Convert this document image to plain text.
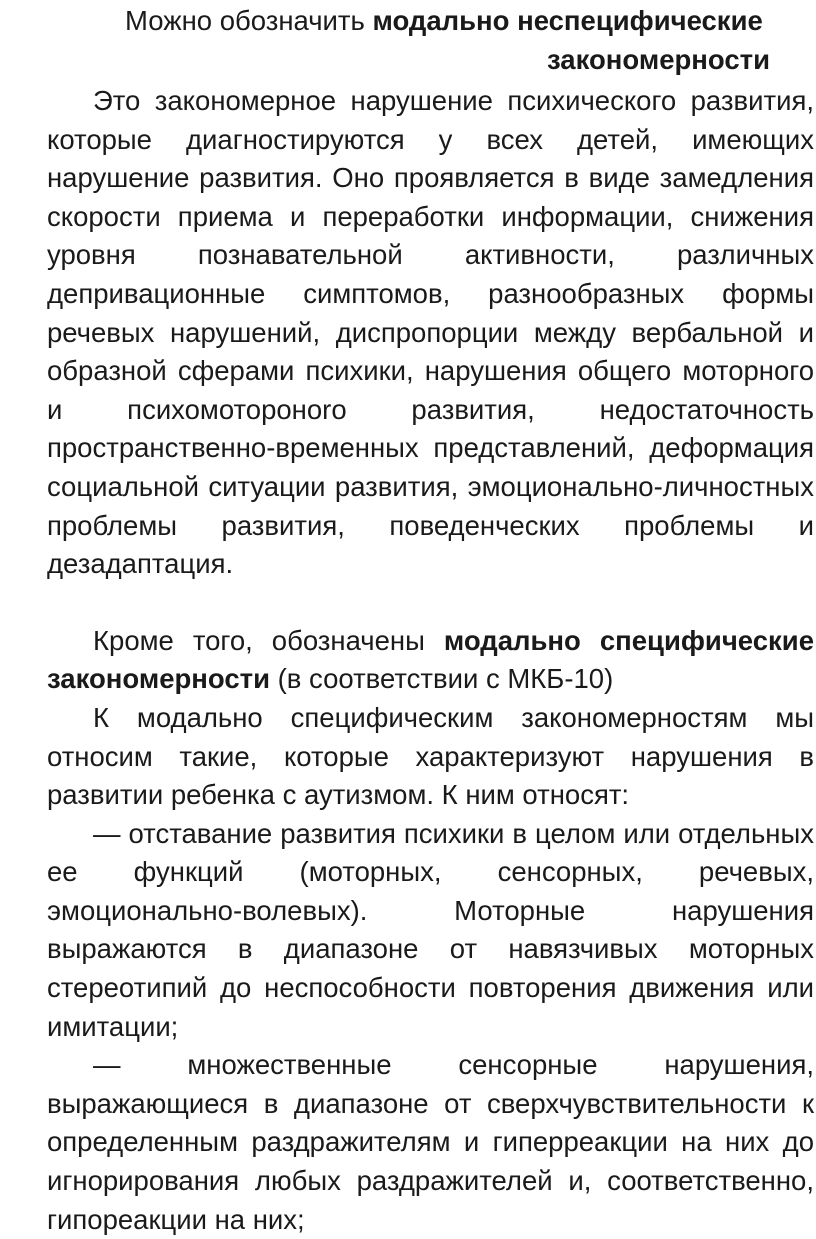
Можно обозначить модально неспецифические
закономерности

Это закономерное нарушение психического развития, которые диагностируются у всех детей, имеющих нарушение развития. Оно проявляется в виде замедления скорости приема и переработки информации, снижения уровня познавательной активности, различных депривационные симптомов, разнообразных формы речевых нарушений, диспропорции между вербальной и образной сферами психики, нарушения общего моторного и психомотороноrо развития, недостаточность пространственно-временных представлений, деформация социальной ситуации развития, эмоционально-личностных проблемы развития, поведенческих проблемы и дезадаптация.

Кроме того, обозначены модально специфические закономерности (в соответствии с МКБ-10)

К модально специфическим закономерностям мы относим такие, которые характеризуют нарушения в развитии ребенка с аутизмом. К ним относят:

— отставание развития психики в целом или отдельных ее функций (моторных, сенсорных, речевых, эмоционально-волевых). Моторные нарушения выражаются в диапазоне от навязчивых моторных стереотипий до неспособности повторения движения или имитации;

— множественные сенсорные нарушения, выражающиеся в диапазоне от сверхчувствительности к определенным раздражителям и гиперреакции на них до игнорирования любых раздражителей и, соответственно, гипореакции на них;
